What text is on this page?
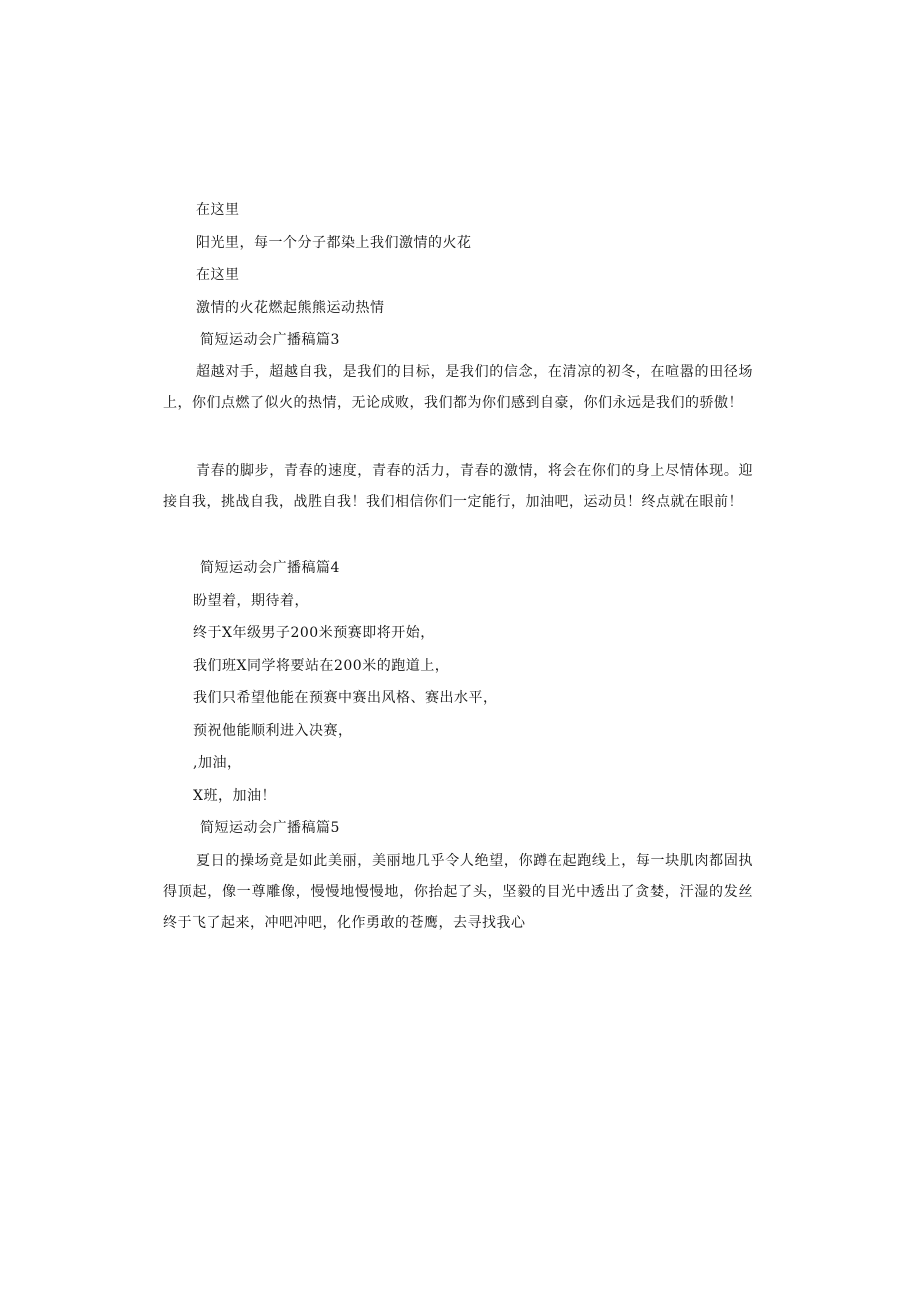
在这里

阳光里，每一个分子都染上我们激情的火花

在这里

激情的火花燃起熊熊运动热情

简短运动会广播稿篇3

超越对手，超越自我，是我们的目标，是我们的信念，在清凉的初冬，在喧嚣的田径场上，你们点燃了似火的热情，无论成败，我们都为你们感到自豪，你们永远是我们的骄傲！

青春的脚步，青春的速度，青春的活力，青春的激情，将会在你们的身上尽情体现。迎接自我，挑战自我，战胜自我！我们相信你们一定能行，加油吧，运动员！终点就在眼前！

简短运动会广播稿篇4

盼望着，期待着，

终于X年级男子200米预赛即将开始，

我们班X同学将要站在200米的跑道上，

我们只希望他能在预赛中赛出风格、赛出水平，

预祝他能顺利进入决赛，

,加油，

X班，加油！

简短运动会广播稿篇5

夏日的操场竟是如此美丽，美丽地几乎令人绝望，你蹲在起跑线上，每一块肌肉都固执得顶起，像一尊雕像，慢慢地慢慢地，你抬起了头，坚毅的目光中透出了贪婪，汗湿的发丝终于飞了起来，冲吧冲吧，化作勇敢的苍鹰，去寻找我心
